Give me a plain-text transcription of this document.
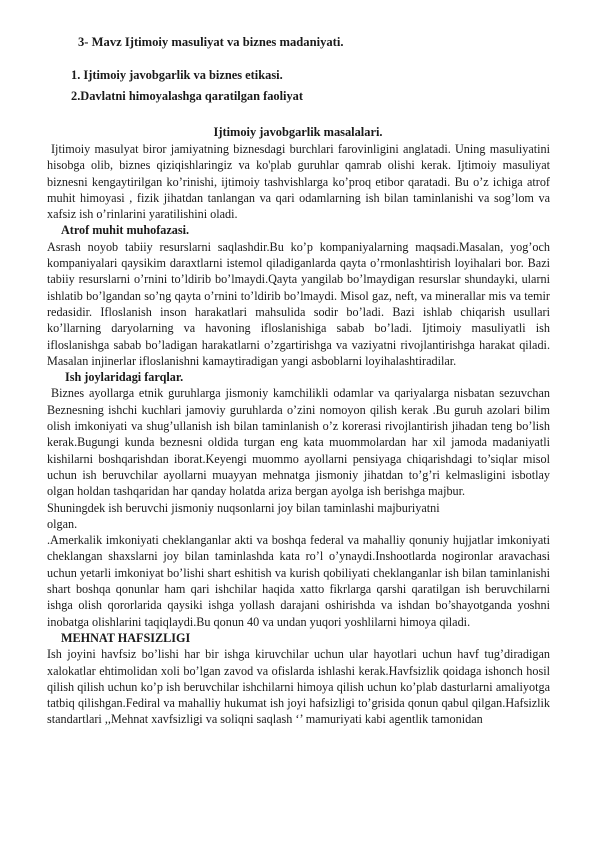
3- Mavz Ijtimoiy masuliyat va biznes madaniyati.

1. Ijtimoiy javobgarlik va biznes etikasi.
2.Davlatni himoyalashga qaratilgan faoliyat

Ijtimoiy javobgarlik masalalari.

Ijtimoiy masulyat biror jamiyatning biznesdagi burchlari farovinligini anglatadi. Uning masuliyatini hisobga olib, biznes qiziqishlaringiz va ko'plab guruhlar qamrab olishi kerak. Ijtimoiy masuliyat biznesni kengaytirilgan ko’rinishi, ijtimoiy tashvishlarga ko’proq etibor qaratadi. Bu o’z ichiga atrof muhit himoyasi , fizik jihatdan tanlangan va qari odamlarning ish bilan taminlanishi va sog’lom va xafsiz ish o’rinlarini yaratilishini oladi.

Atrof muhit muhofazasi.

Asrash noyob tabiiy resurslarni saqlashdir.Bu ko’p kompaniyalarning maqsadi.Masalan, yog’och kompaniyalari qaysikim daraxtlarni istemol qiladiganlarda qayta o’rmonlashtirish loyihalari bor. Bazi tabiiy resurslarni o’rnini to’ldirib bo’lmaydi.Qayta yangilab bo’lmaydigan resurslar shundayki, ularni ishlatib bo’lgandan so’ng qayta o’rnini to’ldirib bo’lmaydi. Misol gaz, neft, va minerallar mis va temir redasidir. Ifloslanish inson harakatlari mahsulida sodir bo’ladi. Bazi ishlab chiqarish usullari ko’llarning daryolarning va havoning ifloslanishiga sabab bo’ladi. Ijtimoiy masuliyatli ish ifloslanishga sabab bo’ladigan harakatlarni o’zgartirishga va vaziyatni rivojlantirishga harakat qiladi. Masalan injinerlar ifloslanishni kamaytiradigan yangi asboblarni loyihalashtiradilar.

Ish joylaridagi farqlar.

Biznes ayollarga etnik guruhlarga jismoniy kamchilikli odamlar va qariyalarga nisbatan sezuvchan Beznesning ishchi kuchlari jamoviy guruhlarda o’zini nomoyon qilish kerak .Bu guruh azolari bilim olish imkoniyati va shug’ullanish ish bilan taminlanish o’z korerasi rivojlantirish jihadan teng bo’lish kerak.Bugungi kunda beznesni oldida turgan eng kata muommolardan har xil jamoda madaniyatli kishilarni boshqarishdan iborat.Keyengi muommo ayollarni pensiyaga chiqarishdagi to’siqlar misol uchun ish beruvchilar ayollarni muayyan mehnatga jismoniy jihatdan to’g’ri kelmasligini isbotlay olgan holdan tashqaridan har qanday holatda ariza bergan ayolga ish berishga majbur.

Shuningdek ish beruvchi jismoniy nuqsonlarni joy bilan taminlashi majburiyatni

olgan.

.Amerkalik imkoniyati cheklanganlar akti va boshqa federal va mahalliy qonuniy hujjatlar imkoniyati cheklangan shaxslarni joy bilan taminlashda kata ro’l o’ynaydi.Inshootlarda nogironlar aravachasi uchun yetarli imkoniyat bo’lishi shart eshitish va kurish qobiliyati cheklanganlar ish bilan taminlanishi shart boshqa qonunlar ham qari ishchilar haqida xatto fikrlarga qarshi qaratilgan ish beruvchilarni ishga olish qororlarida qaysiki ishga yollash darajani oshirishda va ishdan bo’shayotganda yoshni inobatga olishlarini taqiqlaydi.Bu qonun 40 va undan yuqori yoshlilarni himoya qiladi.

MEHNAT HAFSIZLIGI

Ish joyini havfsiz bo’lishi har bir ishga kiruvchilar uchun ular hayotlari uchun havf tug’diradigan xalokatlar ehtimolidan xoli bo’lgan zavod va ofislarda ishlashi kerak.Havfsizlik qoidaga ishonch hosil qilish qilish uchun ko’p ish beruvchilar ishchilarni himoya qilish uchun ko’plab dasturlarni amaliyotga tatbiq qilishgan.Fediral va mahalliy hukumat ish joyi hafsizligi to’grisida qonun qabul qilgan.Hafsizlik standartlari ,,Mehnat xavfsizligi va soliqni saqlash ‘’ mamuriyati kabi agentlik tamonidan
